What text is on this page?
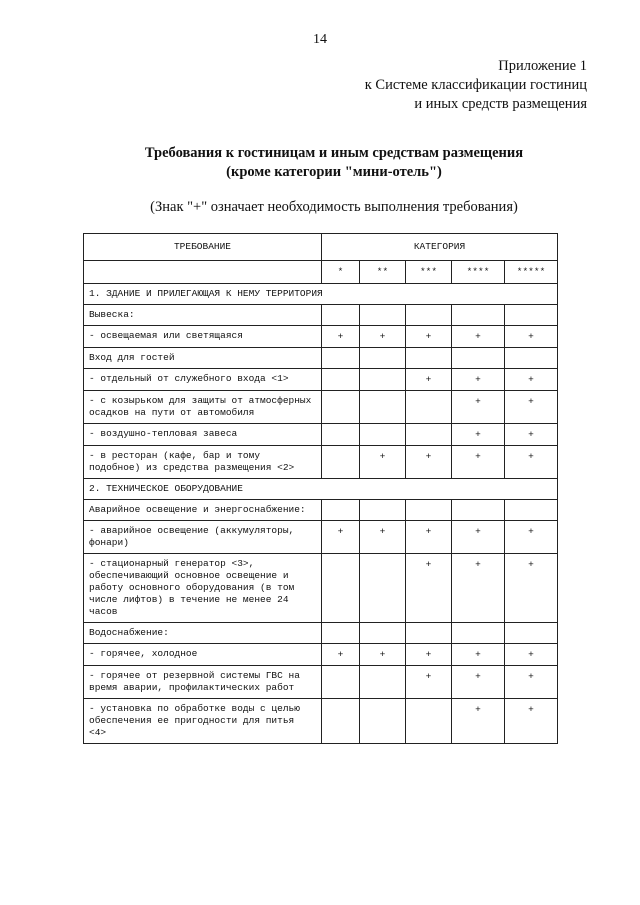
14
Приложение 1
к Системе классификации гостиниц
и иных средств размещения
Требования к гостиницам и иным средствам размещения
(кроме категории "мини-отель")
(Знак "+" означает необходимость выполнения требования)
ТРЕБОВАНИЕ	КАТЕГОРИЯ				
	*	**	***	****	*****
1. ЗДАНИЕ И ПРИЛЕГАЮЩАЯ К НЕМУ ТЕРРИТОРИЯ					
Вывеска:					
- освещаемая или светящаяся	+	+	+	+	+
Вход для гостей					
- отдельный от служебного входа <1>			+	+	+
- с козырьком для защиты от атмосферных осадков на пути от автомобиля				+	+
- воздушно-тепловая завеса				+	+
- в ресторан (кафе, бар и тому подобное) из средства размещения <2>		+	+	+	+
2. ТЕХНИЧЕСКОЕ ОБОРУДОВАНИЕ					
Аварийное освещение и энергоснабжение:					
- аварийное освещение (аккумуляторы, фонари)	+	+	+	+	+
- стационарный генератор <3>, обеспечивающий основное освещение и работу основного оборудования (в том числе лифтов) в течение не менее 24 часов			+	+	+
Водоснабжение:					
- горячее, холодное	+	+	+	+	+
- горячее от резервной системы ГВС на время аварии, профилактических работ			+	+	+
- установка по обработке воды с целью обеспечения ее пригодности для питья <4>				+	+
